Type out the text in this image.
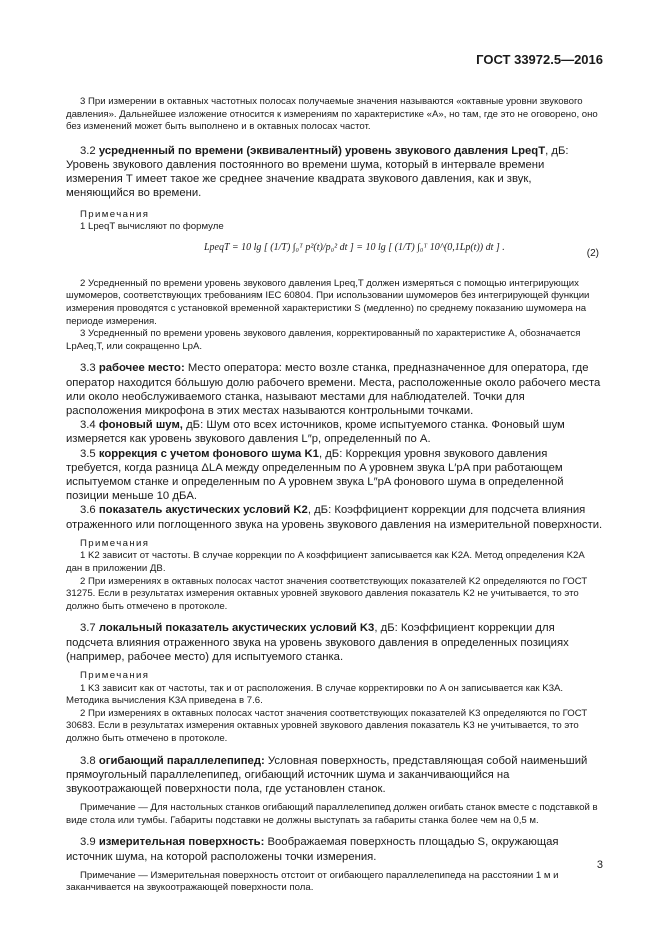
ГОСТ 33972.5—2016

3 При измерении в октавных частотных полосах получаемые значения называются «октавные уровни звукового давления». Дальнейшее изложение относится к измерениям по характеристике «A», но там, где это не оговорено, оно без изменений может быть выполнено и в октавных полосах частот.

3.2 усредненный по времени (эквивалентный) уровень звукового давления LpeqT, дБ: Уровень звукового давления постоянного во времени шума, который в интервале времени измерения T имеет такое же среднее значение квадрата звукового давления, как и звук, меняющийся во времени.

Примечания

1 LpeqT вычисляют по формуле

LpeqT = 10 lg [ (1/T) ∫₀ᵀ p²(t)/p₀² dt ] = 10 lg [ (1/T) ∫₀ᵀ 10^(0,1Lp(t)) dt ] .
(2)

2 Усредненный по времени уровень звукового давления Lpeq,T должен измеряться с помощью интегрирующих шумомеров, соответствующих требованиям IEC 60804. При использовании шумомеров без интегрирующей функции измерения проводятся с установкой временной характеристики S (медленно) по среднему показанию шумомера на периоде измерения.

3 Усредненный по времени уровень звукового давления, корректированный по характеристике A, обозначается LpAeq,T, или сокращенно LpA.

3.3 рабочее место: Место оператора: место возле станка, предназначенное для оператора, где оператор находится бóльшую долю рабочего времени. Места, расположенные около рабочего места или около необслуживаемого станка, называют местами для наблюдателей. Точки для расположения микрофона в этих местах называются контрольными точками.

3.4 фоновый шум, дБ: Шум ото всех источников, кроме испытуемого станка. Фоновый шум измеряется как уровень звукового давления L″p, определенный по A.

3.5 коррекция с учетом фонового шума K1, дБ: Коррекция уровня звукового давления требуется, когда разница ΔLA между определенным по A уровнем звука L′pA при работающем испытуемом станке и определенным по A уровнем звука L″pA фонового шума в определенной позиции меньше 10 дБA.

3.6 показатель акустических условий K2, дБ: Коэффициент коррекции для подсчета влияния отраженного или поглощенного звука на уровень звукового давления на измерительной поверхности.

Примечания

1 K2 зависит от частоты. В случае коррекции по A коэффициент записывается как K2A. Метод определения K2A дан в приложении ДВ.

2 При измерениях в октавных полосах частот значения соответствующих показателей K2 определяются по ГОСТ 31275. Если в результатах измерения октавных уровней звукового давления показатель K2 не учитывается, то это должно быть отмечено в протоколе.

3.7 локальный показатель акустических условий K3, дБ: Коэффициент коррекции для подсчета влияния отраженного звука на уровень звукового давления в определенных позициях (например, рабочее место) для испытуемого станка.

Примечания

1 K3 зависит как от частоты, так и от расположения. В случае корректировки по A он записывается как K3A. Методика вычисления K3A приведена в 7.6.

2 При измерениях в октавных полосах частот значения соответствующих показателей K3 определяются по ГОСТ 30683. Если в результатах измерения октавных уровней звукового давления показатель K3 не учитывается, то это должно быть отмечено в протоколе.

3.8 огибающий параллелепипед: Условная поверхность, представляющая собой наименьший прямоугольный параллелепипед, огибающий источник шума и заканчивающийся на звукоотражающей поверхности пола, где установлен станок.

Примечание — Для настольных станков огибающий параллелепипед должен огибать станок вместе с подставкой в виде стола или тумбы. Габариты подставки не должны выступать за габариты станка более чем на 0,5 м.

3.9 измерительная поверхность: Воображаемая поверхность площадью S, окружающая источник шума, на которой расположены точки измерения.

Примечание — Измерительная поверхность отстоит от огибающего параллелепипеда на расстоянии 1 м и заканчивается на звукоотражающей поверхности пола.

3
